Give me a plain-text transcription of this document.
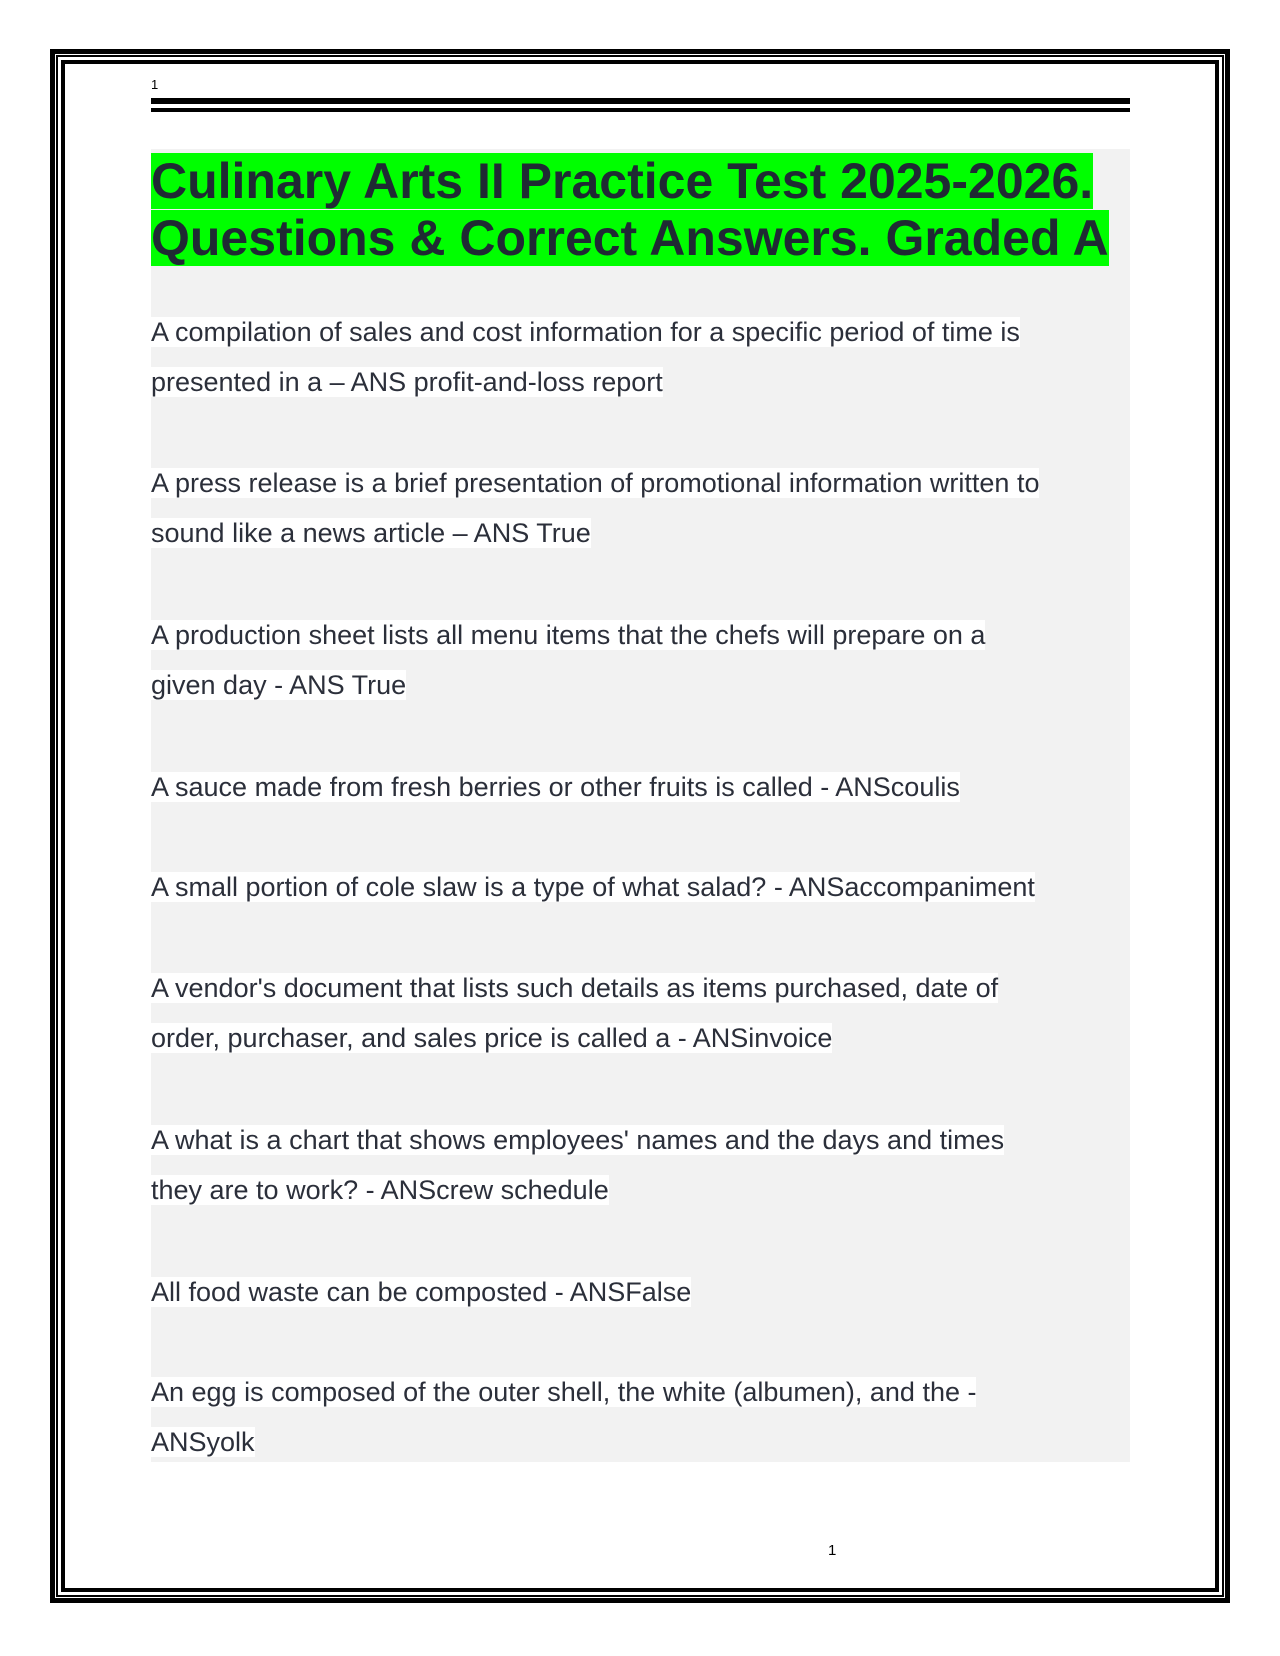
1
Culinary Arts II Practice Test 2025-2026.
Questions & Correct Answers. Graded A
A compilation of sales and cost information for a specific period of time is
presented in a – ANS profit-and-loss report
A press release is a brief presentation of promotional information written to
sound like a news article – ANS True
A production sheet lists all menu items that the chefs will prepare on a
given day - ANS True
A sauce made from fresh berries or other fruits is called - ANScoulis
A small portion of cole slaw is a type of what salad? - ANSaccompaniment
A vendor's document that lists such details as items purchased, date of
order, purchaser, and sales price is called a - ANSinvoice
A what is a chart that shows employees' names and the days and times
they are to work? - ANScrew schedule
All food waste can be composted - ANSFalse
An egg is composed of the outer shell, the white (albumen), and the -
ANSyolk
1
